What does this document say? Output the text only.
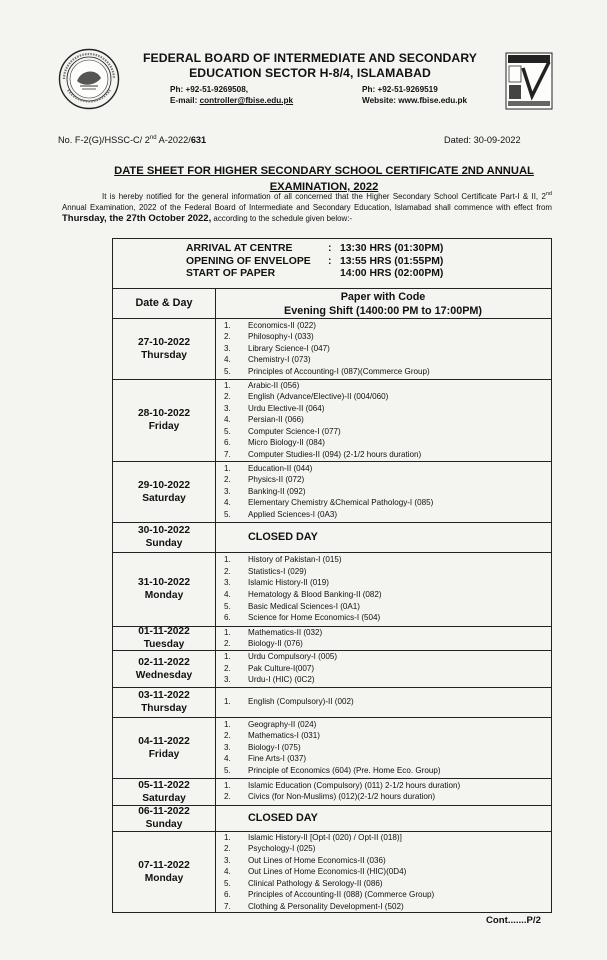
FEDERAL BOARD OF INTERMEDIATE AND SECONDARY
EDUCATION SECTOR H-8/4, ISLAMABAD
Ph: +92-51-9269508,
E-mail: controller@fbise.edu.pk
Ph: +92-51-9269519
Website: www.fbise.edu.pk
No. F-2(G)/HSSC-C/ 2nd A-2022/631	Dated: 30-09-2022
DATE SHEET FOR HIGHER SECONDARY SCHOOL CERTIFICATE 2ND ANNUAL
EXAMINATION, 2022
It is hereby notified for the general information of all concerned that the Higher Secondary School Certificate Part-I & II, 2nd Annual Examination, 2022 of the Federal Board of Intermediate and Secondary Education, Islamabad shall commence with effect from Thursday, the 27th October 2022, according to the schedule given below:-
ARRIVAL AT CENTRE	: 13:30 HRS (01:30PM)
OPENING OF ENVELOPE	: 13:55 HRS (01:55PM)
START OF PAPER	14:00 HRS (02:00PM)
Date & Day	Paper with Code
Evening Shift (1400:00 PM to 17:00PM)
Cont.......P/2
27-10-2022
Thursday
1.	Economics-II (022)
2.	Philosophy-I (033)
3.	Library Science-I (047)
4.	Chemistry-I (073)
5.	Principles of Accounting-I (087)(Commerce Group)
28-10-2022
Friday
1.	Arabic-II (056)
2.	English (Advance/Elective)-II (004/060)
3.	Urdu Elective-II (064)
4.	Persian-II (066)
5.	Computer Science-I (077)
6.	Micro Biology-II (084)
7.	Computer Studies-II (094) (2-1/2 hours duration)
29-10-2022
Saturday
1.	Education-II (044)
2.	Physics-II (072)
3.	Banking-II (092)
4.	Elementary Chemistry &Chemical Pathology-I (085)
5.	Applied Sciences-I (0A3)
30-10-2022
Sunday
CLOSED DAY
31-10-2022
Monday
1.	History of Pakistan-I (015)
2.	Statistics-I (029)
3.	Islamic History-II (019)
4.	Hematology & Blood Banking-II (082)
5.	Basic Medical Sciences-I (0A1)
6.	Science for Home Economics-I (504)
01-11-2022
Tuesday
1.	Mathematics-II (032)
2.	Biology-II (076)
02-11-2022
Wednesday
1.	Urdu Compulsory-I (005)
2.	Pak Culture-I(007)
3.	Urdu-I (HIC) (0C2)
03-11-2022
Thursday
1.	English (Compulsory)-II (002)
04-11-2022
Friday
1.	Geography-II (024)
2.	Mathematics-I (031)
3.	Biology-I (075)
4.	Fine Arts-I (037)
5.	Principle of Economics (604) (Pre. Home Eco. Group)
05-11-2022
Saturday
1.	Islamic Education (Compulsory) (011) 2-1/2 hours duration)
2.	Civics (for Non-Muslims) (012)(2-1/2 hours duration)
06-11-2022
Sunday
CLOSED DAY
07-11-2022
Monday
1.	Islamic History-II [Opt-I (020) / Opt-II (018)]
2.	Psychology-I (025)
3.	Out Lines of Home Economics-II (036)
4.	Out Lines of Home Economics-II (HIC)(0D4)
5.	Clinical Pathology & Serology-II (086)
6.	Principles of Accounting-II (088) (Commerce Group)
7.	Clothing & Personality Development-I (502)
